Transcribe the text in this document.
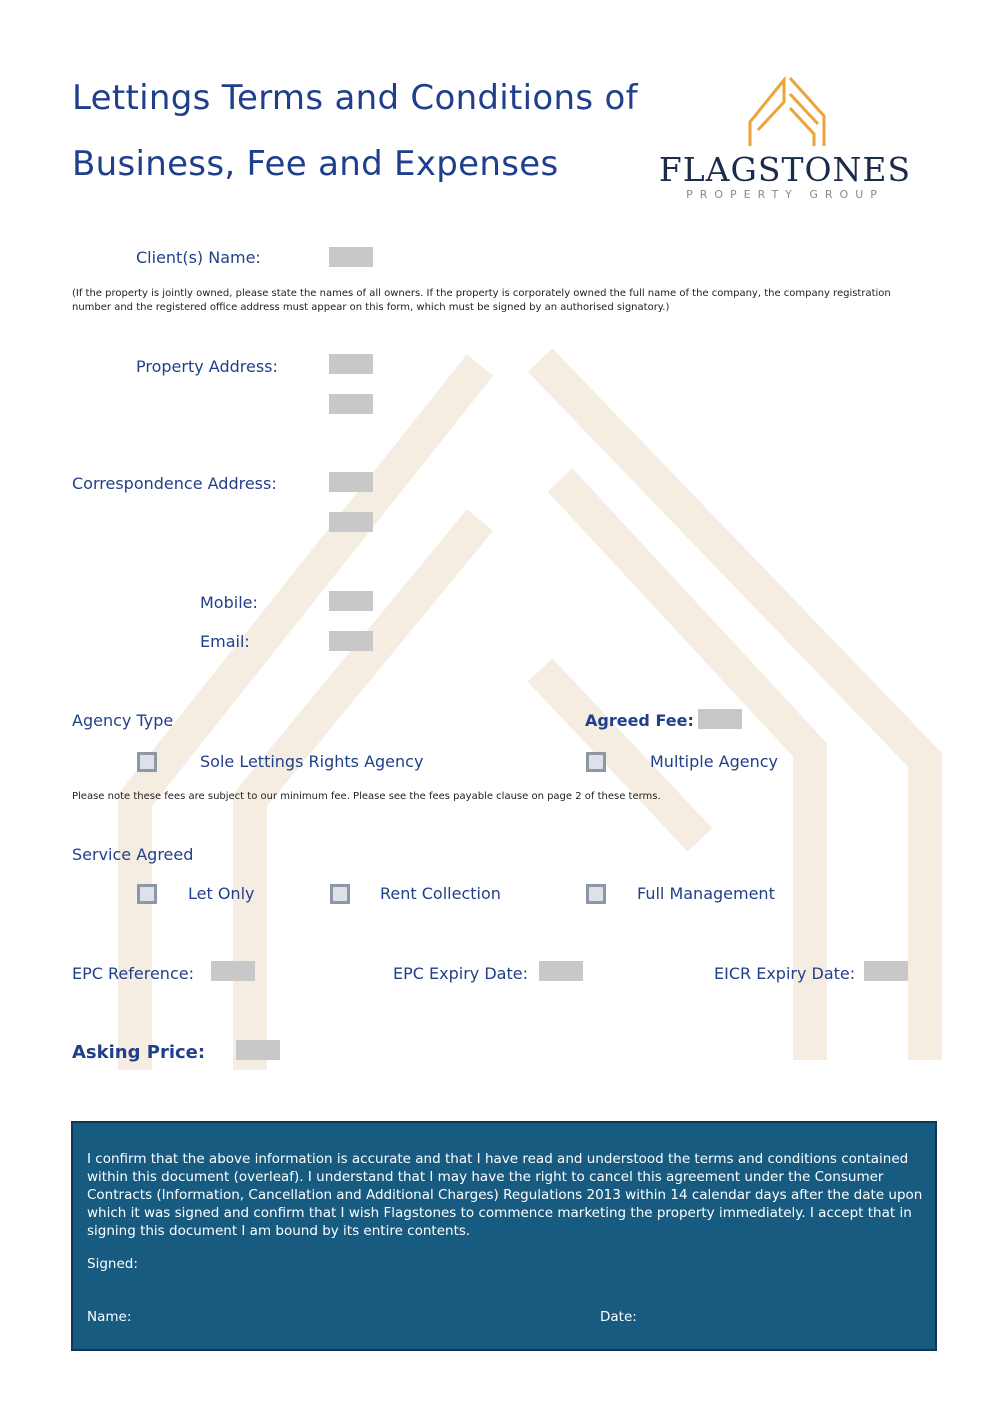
Lettings Terms and Conditions of
Business, Fee and Expenses	FLAGSTONES
PROPERTY GROUP
Client(s) Name:
(If the property is jointly owned, please state the names of all owners. If the property is corporately owned the full name of the company, the company registration number and the registered office address must appear on this form, which must be signed by an authorised signatory.)
Property Address:
Correspondence Address:
Mobile:
Email:
Agency Type	Agreed Fee:
Sole Lettings Rights Agency	Multiple Agency
Please note these fees are subject to our minimum fee. Please see the fees payable clause on page 2 of these terms.
Service Agreed
Let Only	Rent Collection	Full Management
EPC Reference:	EPC Expiry Date:	EICR Expiry Date:
Asking Price:

I confirm that the above information is accurate and that I have read and understood the terms and conditions contained within this document (overleaf). I understand that I may have the right to cancel this agreement under the Consumer Contracts (Information, Cancellation and Additional Charges) Regulations 2013 within 14 calendar days after the date upon which it was signed and confirm that I wish Flagstones to commence marketing the property immediately. I accept that in signing this document I am bound by its entire contents.

Signed:

Name:	Date:
